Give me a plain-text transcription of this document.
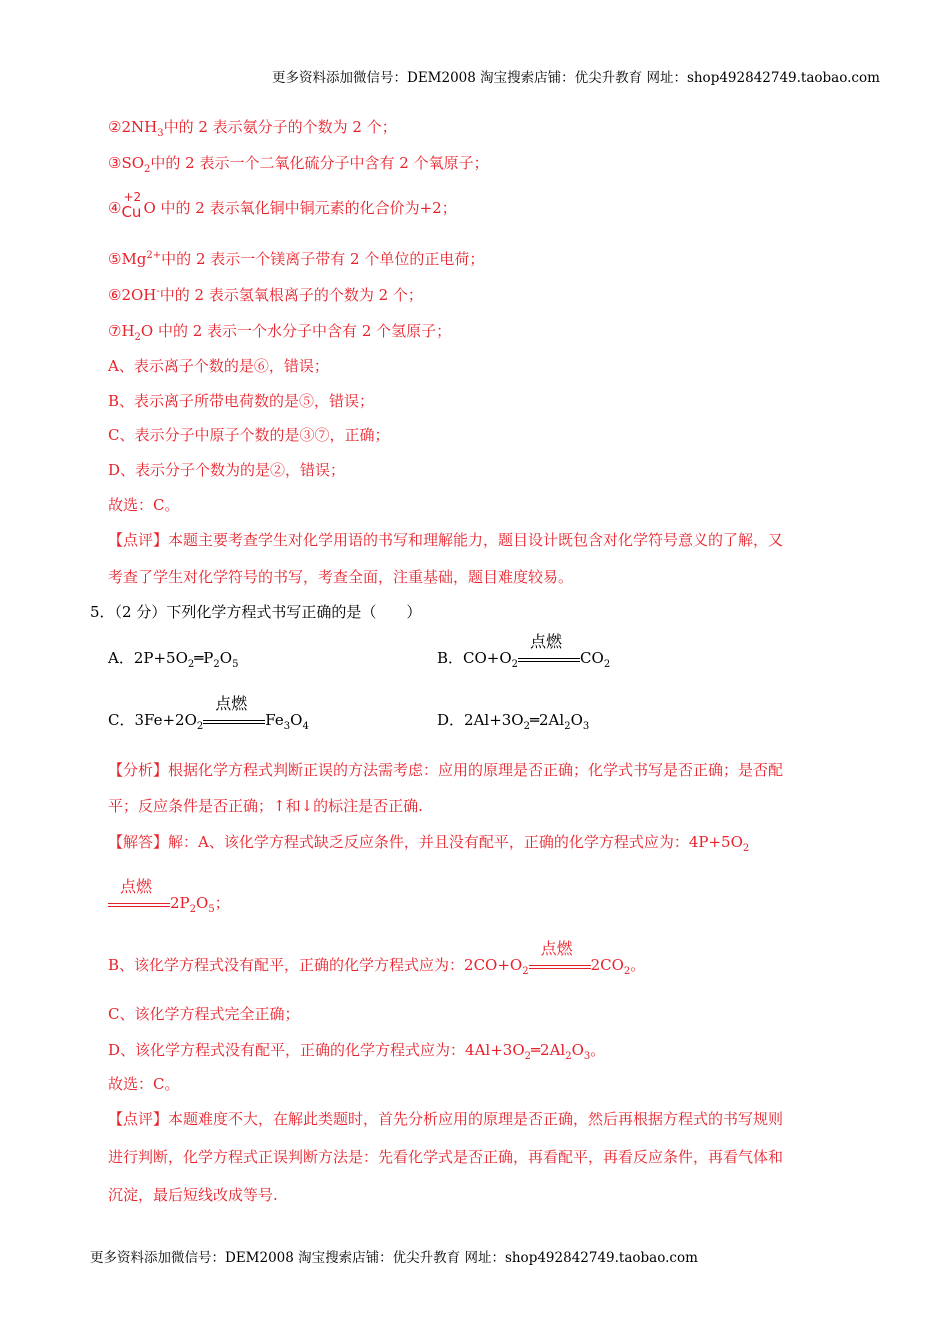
更多资料添加微信号：DEM2008 淘宝搜索店铺：优尖升教育 网址：shop492842749.taobao.com
$②2NH_3$中的 2 表示氨分子的个数为 2 个；
$③SO_2$中的 2 表示一个二氧化硫分子中含有 2 个氧原子；
④
+2
Cu O 中的 2 表示氧化铜中铜元素的化合价为+2；
$⑤Mg^{2+}$中的 2 表示一个镁离子带有 2 个单位的正电荷；
⑥2OH-中的 2 表示氢氧根离子的个数为 2 个；
$⑦H_2O$ 中的 2 表示一个水分子中含有 2 个氢原子；
A、表示离子个数的是⑥，错误；
B、表示离子所带电荷数的是⑤，错误；
C、表示分子中原子个数的是③⑦，正确；
D、表示分子个数为的是②，错误；
故选：C。
【点评】本题主要考查学生对化学用语的书写和理解能力，题目设计既包含对化学符号意义的了解，又
考查了学生对化学符号的书写，考查全面，注重基础，题目难度较易。
5．（2 分）下列化学方程式书写正确的是（　　）
A．$2P+5O_2═P_2O_5$	B．$CO+O_2$
点燃
$CO_2$
C．$3Fe+2O_2$
点燃
$Fe_3O_4$	D．$2Al+3O_2═2Al_2O_3$
【分析】根据化学方程式判断正误的方法需考虑：应用的原理是否正确；化学式书写是否正确；是否配
平；反应条件是否正确；↑和↓的标注是否正确.
【解答】解：A、该化学方程式缺乏反应条件，并且没有配平，正确的化学方程式应为：$4P+5O_2$
点燃
$2P_2O_5$；
B、该化学方程式没有配平，正确的化学方程式应为：$2CO+O_2$
点燃
$2CO_2$。
C、该化学方程式完全正确；
D、该化学方程式没有配平，正确的化学方程式应为：$4Al+3O_2═2Al_2O_3$。
故选：C。
【点评】本题难度不大，在解此类题时，首先分析应用的原理是否正确，然后再根据方程式的书写规则
进行判断，化学方程式正误判断方法是：先看化学式是否正确，再看配平，再看反应条件，再看气体和
沉淀，最后短线改成等号.
更多资料添加微信号：DEM2008 淘宝搜索店铺：优尖升教育 网址：shop492842749.taobao.com
